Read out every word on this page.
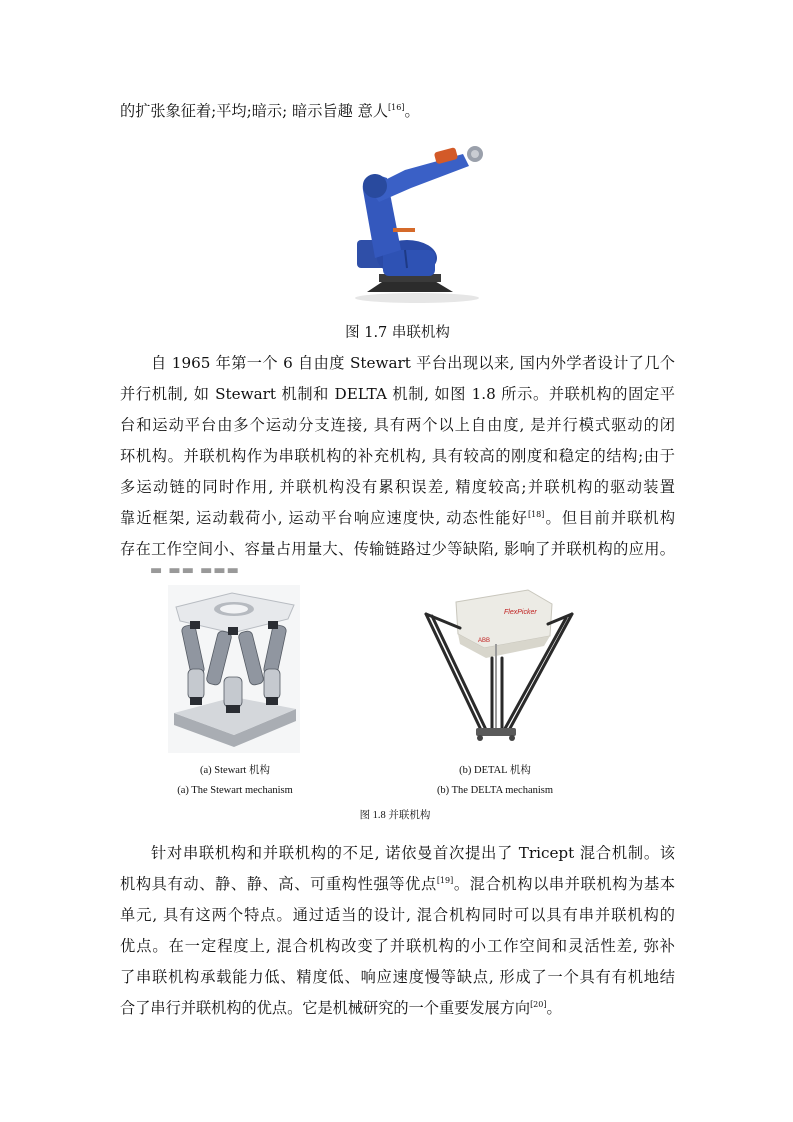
的扩张象征着;平均;暗示; 暗示旨趣 意人[16]。
图 1.7 串联机构
自 1965 年第一个 6 自由度 Stewart 平台出现以来, 国内外学者设计了几个
并行机制, 如 Stewart 机制和 DELTA 机制, 如图 1.8 所示。并联机构的固定平
台和运动平台由多个运动分支连接, 具有两个以上自由度, 是并行模式驱动的闭
环机构。并联机构作为串联机构的补充机构, 具有较高的刚度和稳定的结构;由于
多运动链的同时作用, 并联机构没有累积误差, 精度较高;并联机构的驱动装置
靠近框架, 运动载荷小, 运动平台响应速度快, 动态性能好[18]。但目前并联机构
存在工作空间小、容量占用量大、传输链路过少等缺陷, 影响了并联机构的应用。
▬ ▬▬ ▬▬▬
FlexPicker
ABB
(a) Stewart 机构	(b) DETAL 机构
(a) The Stewart mechanism	(b) The DELTA mechanism
图 1.8 并联机构
针对串联机构和并联机构的不足, 诺依曼首次提出了 Tricept 混合机制。该
机构具有动、静、静、高、可重构性强等优点[19]。混合机构以串并联机构为基本
单元, 具有这两个特点。通过适当的设计, 混合机构同时可以具有串并联机构的
优点。在一定程度上, 混合机构改变了并联机构的小工作空间和灵活性差, 弥补
了串联机构承载能力低、精度低、响应速度慢等缺点, 形成了一个具有有机地结
合了串行并联机构的优点。它是机械研究的一个重要发展方向[20]。
